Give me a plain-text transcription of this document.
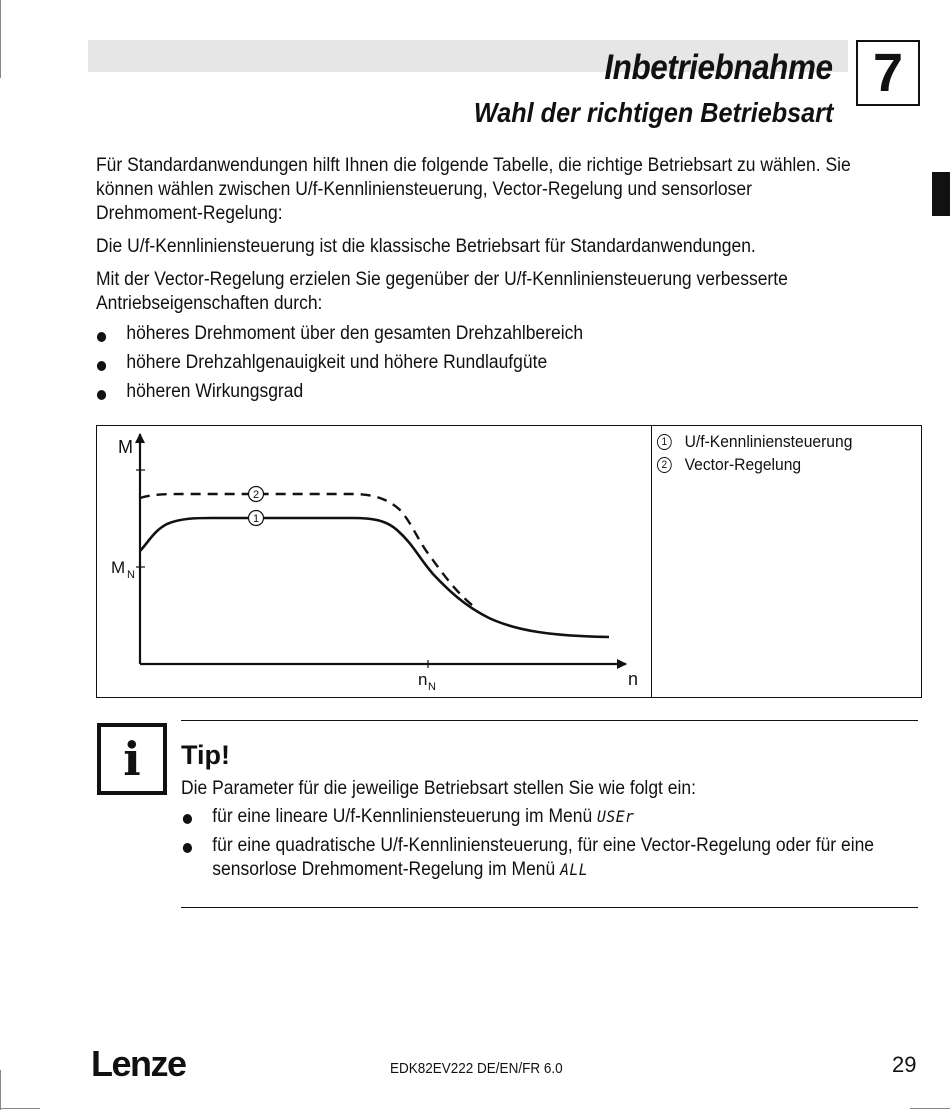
Inbetriebnahme
Wahl der richtigen Betriebsart
7

Für Standardanwendungen hilft Ihnen die folgende Tabelle, die richtige Betriebsart zu wählen. Sie können wählen zwischen U/f-Kennliniensteuerung, Vector-Regelung und sensorloser Drehmoment-Regelung:

Die U/f-Kennliniensteuerung ist die klassische Betriebsart für Standardanwendungen.

Mit der Vector-Regelung erzielen Sie gegenüber der U/f-Kennliniensteuerung verbesserte Antriebseigenschaften durch:

höheres Drehmoment über den gesamten Drehzahlbereich
höhere Drehzahlgenauigkeit und höhere Rundlaufgüte
höheren Wirkungsgrad
M
M N
n N	n
2
1
1 U/f-Kennliniensteuerung
2 Vector-Regelung
i	Tip!
Die Parameter für die jeweilige Betriebsart stellen Sie wie folgt ein:
für eine lineare U/f-Kennliniensteuerung im Menü USEr
für eine quadratische U/f-Kennliniensteuerung, für eine Vector-Regelung oder für eine sensorlose Drehmoment-Regelung im Menü ALL
Lenze	EDK82EV222 DE/EN/FR 6.0	29
